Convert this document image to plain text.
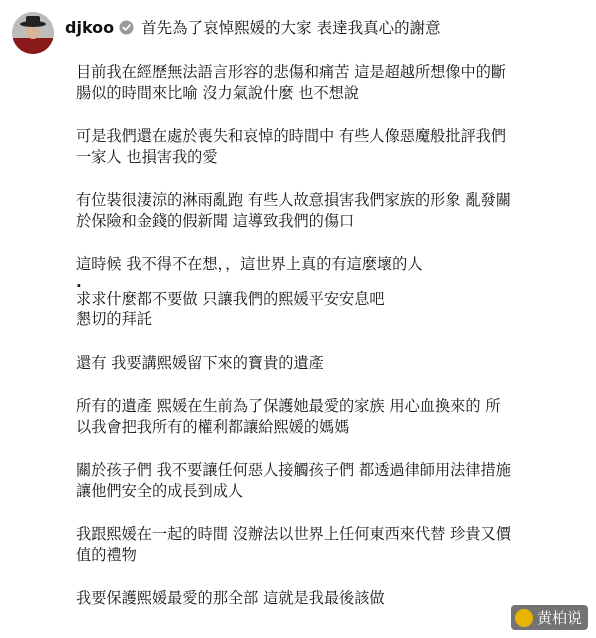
djkoo 首先為了哀悼熙媛的大家 表達我真心的謝意
目前我在經歷無法語言形容的悲傷和痛苦 這是超越所想像中的斷
腸似的時間來比喻 沒力氣說什麼 也不想說
可是我們還在處於喪失和哀悼的時間中 有些人像惡魔般批評我們
一家人 也損害我的愛
有位裝很淒涼的淋雨亂跑 有些人故意損害我們家族的形象 亂發關
於保險和金錢的假新聞 這導致我們的傷口
這時候 我不得不在想，，這世界上真的有這麼壞的人
.
求求什麼都不要做 只讓我們的熙媛平安安息吧
懇切的拜託
還有 我要講熙媛留下來的寶貴的遺產
所有的遺產 熙媛在生前為了保護她最愛的家族 用心血換來的 所
以我會把我所有的權利都讓給熙媛的媽媽
關於孩子們 我不要讓任何惡人接觸孩子們 都透過律師用法律措施
讓他們安全的成長到成人
我跟熙媛在一起的時間 沒辦法以世界上任何東西來代替 珍貴又價
值的禮物
我要保護熙媛最愛的那全部 這就是我最後該做
黄柏说
